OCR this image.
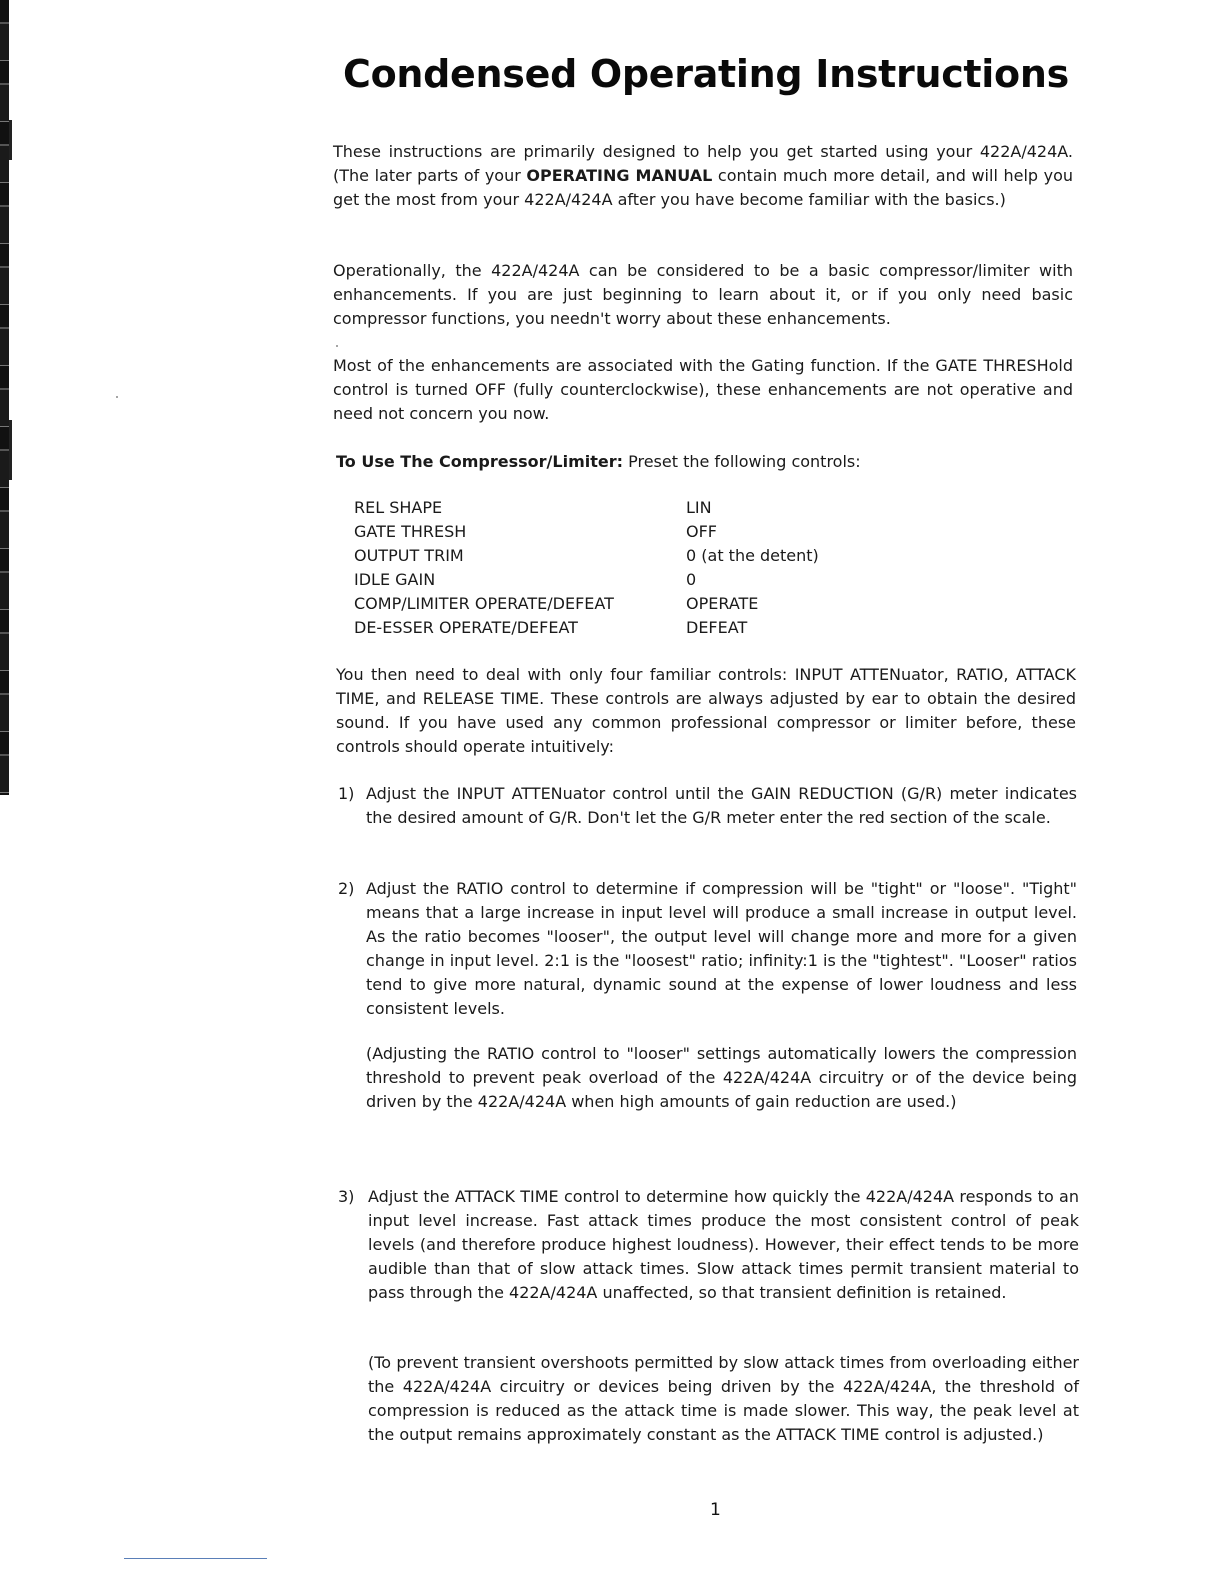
Condensed Operating Instructions

These instructions are primarily designed to help you get started using your 422A/424A. (The later parts of your OPERATING MANUAL contain much more detail, and will help you get the most from your 422A/424A after you have become familiar with the basics.)

Operationally, the 422A/424A can be considered to be a basic compressor/limiter with enhancements. If you are just beginning to learn about it, or if you only need basic compressor functions, you needn't worry about these enhancements.

Most of the enhancements are associated with the Gating function. If the GATE THRESHold control is turned OFF (fully counterclockwise), these enhancements are not operative and need not concern you now.

To Use The Compressor/Limiter: Preset the following controls:

REL SHAPE	LIN
GATE THRESH	OFF
OUTPUT TRIM	0 (at the detent)
IDLE GAIN	0
COMP/LIMITER OPERATE/DEFEAT	OPERATE
DE-ESSER OPERATE/DEFEAT	DEFEAT

You then need to deal with only four familiar controls: INPUT ATTENuator, RATIO, ATTACK TIME, and RELEASE TIME. These controls are always adjusted by ear to obtain the desired sound. If you have used any common professional compressor or limiter before, these controls should operate intuitively:

1) Adjust the INPUT ATTENuator control until the GAIN REDUCTION (G/R) meter indicates the desired amount of G/R. Don't let the G/R meter enter the red section of the scale.

2) Adjust the RATIO control to determine if compression will be "tight" or "loose". "Tight" means that a large increase in input level will produce a small increase in output level. As the ratio becomes "looser", the output level will change more and more for a given change in input level. 2:1 is the "loosest" ratio; infinity:1 is the "tightest". "Looser" ratios tend to give more natural, dynamic sound at the expense of lower loudness and less consistent levels.

(Adjusting the RATIO control to "looser" settings automatically lowers the compression threshold to prevent peak overload of the 422A/424A circuitry or of the device being driven by the 422A/424A when high amounts of gain reduction are used.)

3) Adjust the ATTACK TIME control to determine how quickly the 422A/424A responds to an input level increase. Fast attack times produce the most consistent control of peak levels (and therefore produce highest loudness). However, their effect tends to be more audible than that of slow attack times. Slow attack times permit transient material to pass through the 422A/424A unaffected, so that transient definition is retained.

(To prevent transient overshoots permitted by slow attack times from overloading either the 422A/424A circuitry or devices being driven by the 422A/424A, the threshold of compression is reduced as the attack time is made slower. This way, the peak level at the output remains approximately constant as the ATTACK TIME control is adjusted.)

1
